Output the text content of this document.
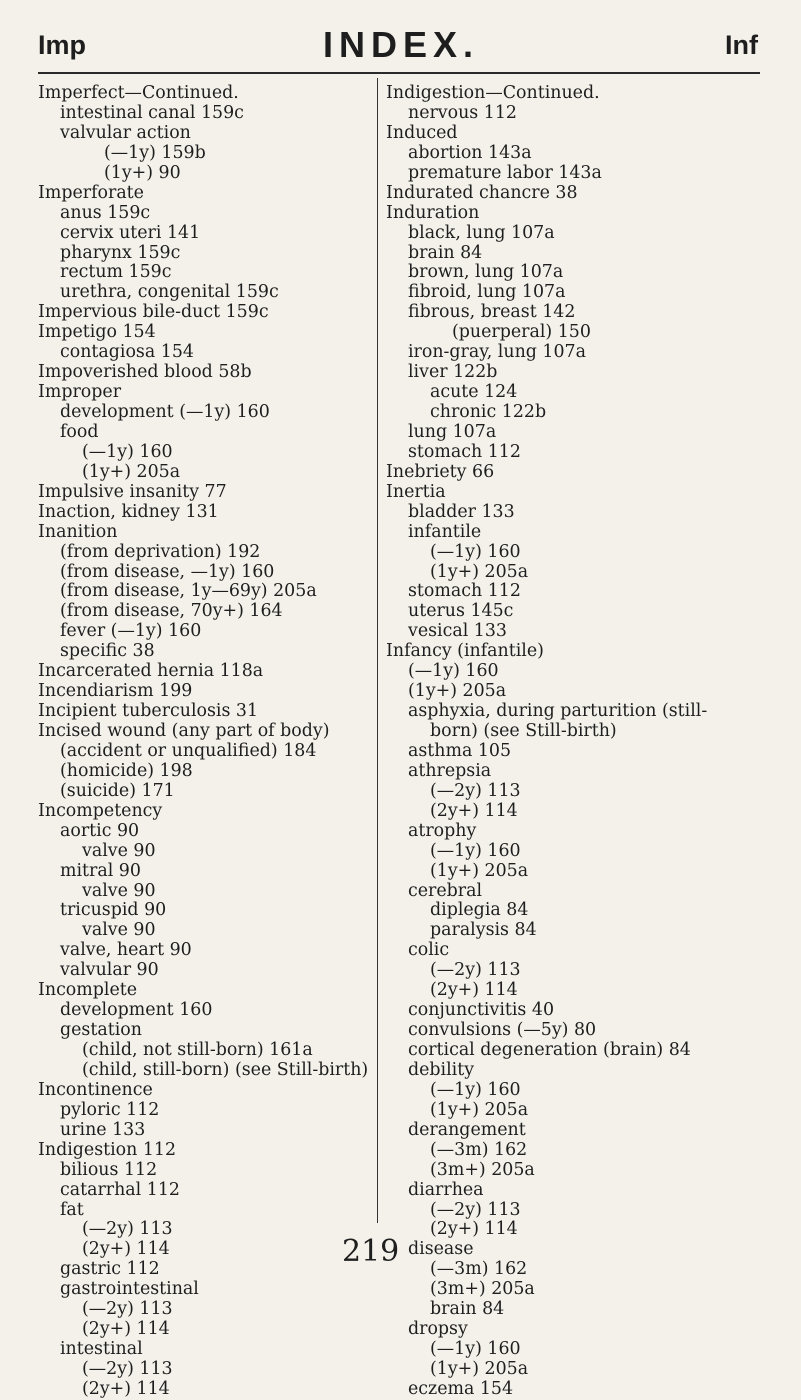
Imp	INDEX.	Inf
Imperfect—Continued.
intestinal canal 159c
valvular action
(—1y) 159b
(1y+) 90
Imperforate
anus 159c
cervix uteri 141
pharynx 159c
rectum 159c
urethra, congenital 159c
Impervious bile-duct 159c
Impetigo 154
contagiosa 154
Impoverished blood 58b
Improper
development (—1y) 160
food
(—1y) 160
(1y+) 205a
Impulsive insanity 77
Inaction, kidney 131
Inanition
(from deprivation) 192
(from disease, —1y) 160
(from disease, 1y—69y) 205a
(from disease, 70y+) 164
fever (—1y) 160
specific 38
Incarcerated hernia 118a
Incendiarism 199
Incipient tuberculosis 31
Incised wound (any part of body)
(accident or unqualified) 184
(homicide) 198
(suicide) 171
Incompetency
aortic 90
valve 90
mitral 90
valve 90
tricuspid 90
valve 90
valve, heart 90
valvular 90
Incomplete
development 160
gestation
(child, not still-born) 161a
(child, still-born) (see Still-birth)
Incontinence
pyloric 112
urine 133
Indigestion 112
bilious 112
catarrhal 112
fat
(—2y) 113
(2y+) 114
gastric 112
gastrointestinal
(—2y) 113
(2y+) 114
intestinal
(—2y) 113
(2y+) 114
Indigestion—Continued.
nervous 112
Induced
abortion 143a
premature labor 143a
Indurated chancre 38
Induration
black, lung 107a
brain 84
brown, lung 107a
fibroid, lung 107a
fibrous, breast 142
(puerperal) 150
iron-gray, lung 107a
liver 122b
acute 124
chronic 122b
lung 107a
stomach 112
Inebriety 66
Inertia
bladder 133
infantile
(—1y) 160
(1y+) 205a
stomach 112
uterus 145c
vesical 133
Infancy (infantile)
(—1y) 160
(1y+) 205a
asphyxia, during parturition (still-
born) (see Still-birth)
asthma 105
athrepsia
(—2y) 113
(2y+) 114
atrophy
(—1y) 160
(1y+) 205a
cerebral
diplegia 84
paralysis 84
colic
(—2y) 113
(2y+) 114
conjunctivitis 40
convulsions (—5y) 80
cortical degeneration (brain) 84
debility
(—1y) 160
(1y+) 205a
derangement
(—3m) 162
(3m+) 205a
diarrhea
(—2y) 113
(2y+) 114
disease
(—3m) 162
(3m+) 205a
brain 84
dropsy
(—1y) 160
(1y+) 205a
eczema 154
219
